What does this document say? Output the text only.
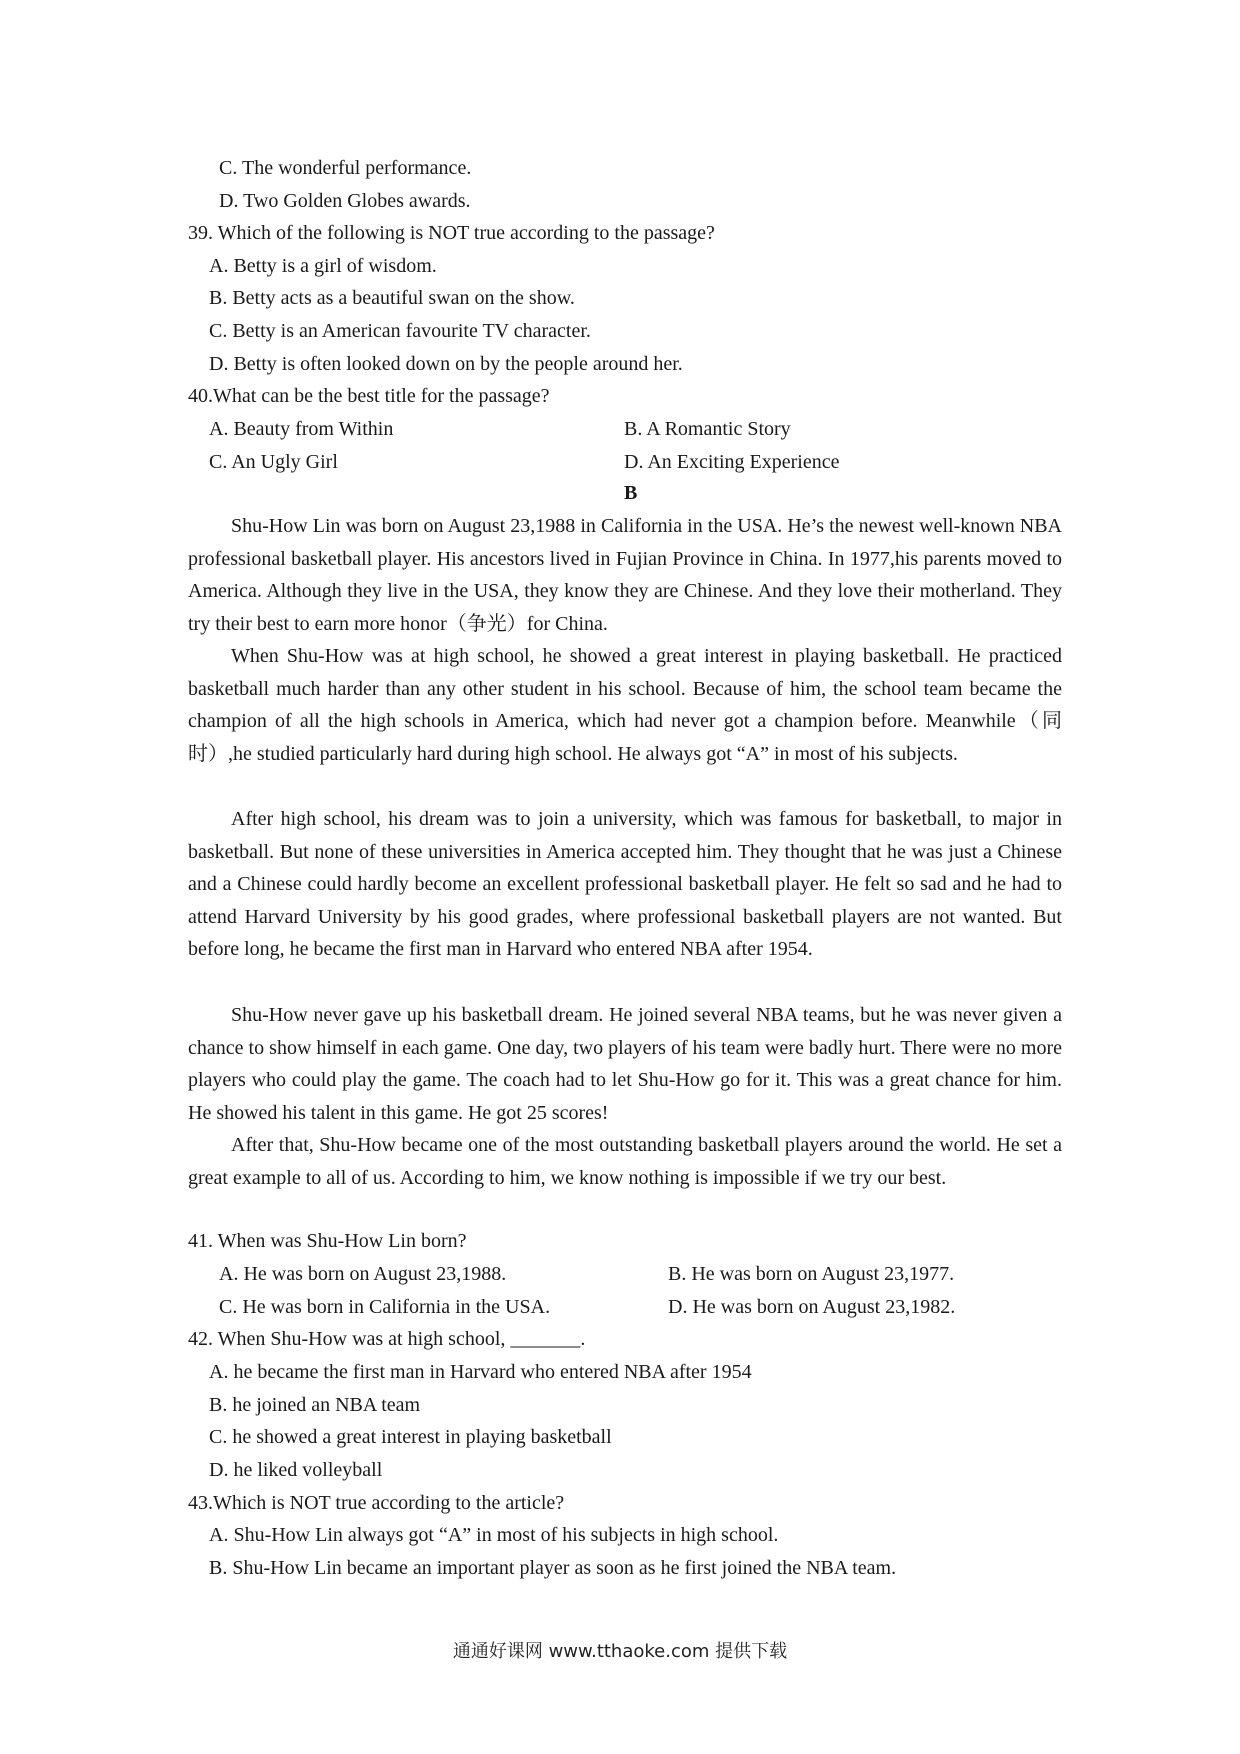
C. The wonderful performance.
D. Two Golden Globes awards.
39. Which of the following is NOT true according to the passage?
A. Betty is a girl of wisdom.
B. Betty acts as a beautiful swan on the show.
C. Betty is an American favourite TV character.
D. Betty is often looked down on by the people around her.
40.What can be the best title for the passage?
A. Beauty from Within	B. A Romantic Story
C. An Ugly Girl	D. An Exciting Experience
B
Shu-How Lin was born on August 23,1988 in California in the USA. He’s the newest well-known NBA professional basketball player. His ancestors lived in Fujian Province in China. In 1977,his parents moved to America. Although they live in the USA, they know they are Chinese. And they love their motherland. They try their best to earn more honor（争光）for China.
When Shu-How was at high school, he showed a great interest in playing basketball. He practiced basketball much harder than any other student in his school. Because of him, the school team became the champion of all the high schools in America, which had never got a champion before. Meanwhile（同时）,he studied particularly hard during high school. He always got “A” in most of his subjects.
After high school, his dream was to join a university, which was famous for basketball, to major in basketball. But none of these universities in America accepted him. They thought that he was just a Chinese and a Chinese could hardly become an excellent professional basketball player. He felt so sad and he had to attend Harvard University by his good grades, where professional basketball players are not wanted. But before long, he became the first man in Harvard who entered NBA after 1954.
Shu-How never gave up his basketball dream. He joined several NBA teams, but he was never given a chance to show himself in each game. One day, two players of his team were badly hurt. There were no more players who could play the game. The coach had to let Shu-How go for it. This was a great chance for him. He showed his talent in this game. He got 25 scores!
After that, Shu-How became one of the most outstanding basketball players around the world. He set a great example to all of us. According to him, we know nothing is impossible if we try our best.
41. When was Shu-How Lin born?
A. He was born on August 23,1988.	B. He was born on August 23,1977.
C. He was born in California in the USA.	D. He was born on August 23,1982.
42. When Shu-How was at high school, _______.
A. he became the first man in Harvard who entered NBA after 1954
B. he joined an NBA team
C. he showed a great interest in playing basketball
D. he liked volleyball
43.Which is NOT true according to the article?
A. Shu-How Lin always got “A” in most of his subjects in high school.
B. Shu-How Lin became an important player as soon as he first joined the NBA team.
通通好课网 www.tthaoke.com 提供下载
